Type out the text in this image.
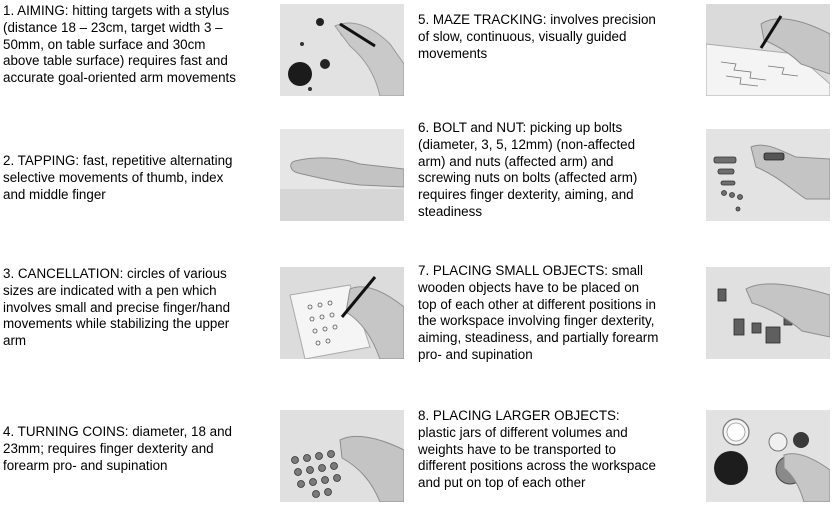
1. AIMING: hitting targets with a stylus
(distance 18 – 23cm, target width 3 –
50mm, on table surface and 30cm
above table surface) requires fast and
accurate goal-oriented arm movements
2. TAPPING: fast, repetitive alternating
selective movements of thumb, index
and middle finger
3. CANCELLATION: circles of various
sizes are indicated with a pen which
involves small and precise finger/hand
movements while stabilizing the upper
arm
4. TURNING COINS: diameter, 18 and
23mm; requires finger dexterity and
forearm pro- and supination
5. MAZE TRACKING: involves precision
of slow, continuous, visually guided
movements
6. BOLT and NUT: picking up bolts
(diameter, 3, 5, 12mm) (non-affected
arm) and nuts (affected arm) and
screwing nuts on bolts (affected arm)
requires finger dexterity, aiming, and
steadiness
7. PLACING SMALL OBJECTS: small
wooden objects have to be placed on
top of each other at different positions in
the workspace involving finger dexterity,
aiming, steadiness, and partially forearm
pro- and supination
8. PLACING LARGER OBJECTS:
plastic jars of different volumes and
weights have to be transported to
different positions across the workspace
and put on top of each other
